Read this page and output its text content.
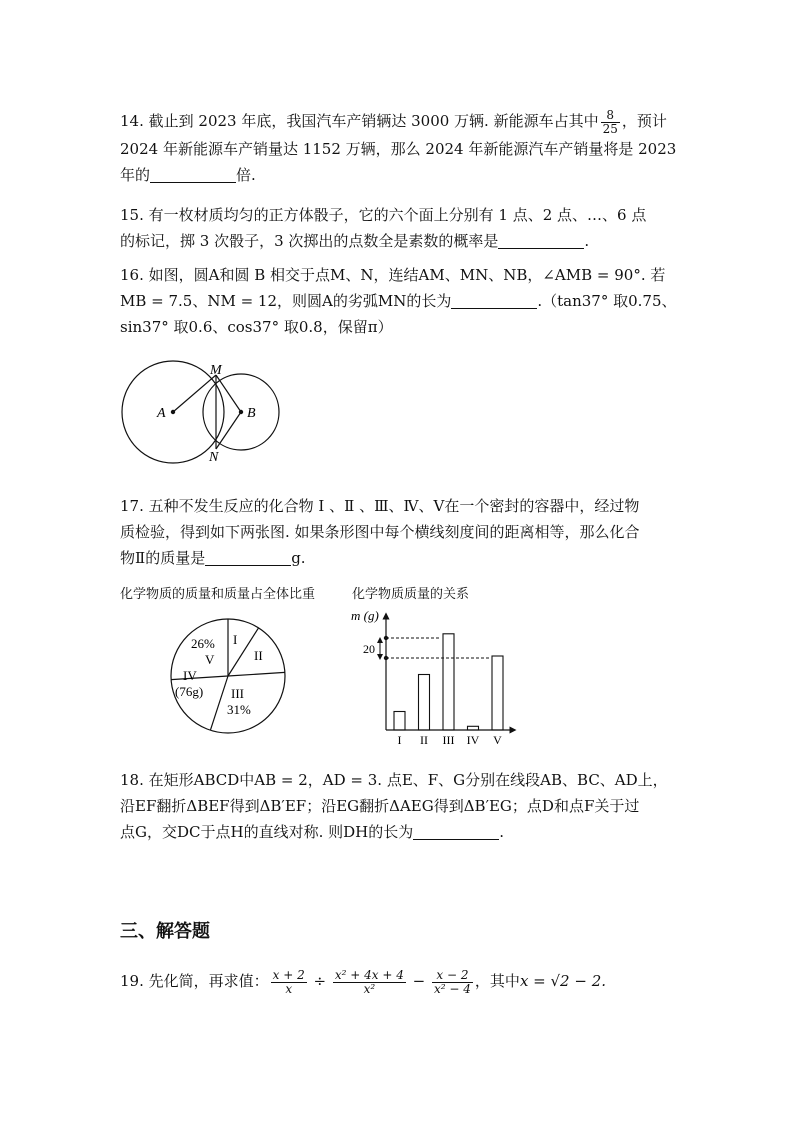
14. 截止到 2023 年底，我国汽车产销辆达 3000 万辆. 新能源车占其中 $\frac{8}{25}$ ，预计

2024 年新能源车产销量达 1152 万辆，那么 2024 年新能源汽车产销量将是 2023

年的	倍.

15. 有一枚材质均匀的正方体骰子，它的六个面上分别有 1 点、2 点、…、6 点

的标记，掷 3 次骰子，3 次掷出的点数全是素数的概率是	.

16. 如图，圆A和圆 B 相交于点M、N，连结AM、MN、NB，∠AMB = 90°. 若

MB = 7.5、NM = 12，则圆A的劣弧MN的长为	.（tan37° 取0.75、

sin37° 取0.6、cos37° 取0.8，保留π）

M
N
A	B

17. 五种不发生反应的化合物 Ⅰ 、Ⅱ 、Ⅲ、Ⅳ、Ⅴ在一个密封的容器中，经过物

质检验，得到如下两张图. 如果条形图中每个横线刻度间的距离相等，那么化合

物Ⅱ的质量是	g.

化学物质的质量和质量占全体比重	化学物质质量的关系
I
II
26%
V
IV
(76g) III
31%
m (g)
20
I II III IV V

18. 在矩形ABCD中AB = 2，AD = 3. 点E、F、G分别在线段AB、BC、AD上，

沿EF翻折ΔBEF得到ΔB′EF；沿EG翻折ΔAEG得到ΔB′EG；点D和点F关于过

点G，交DC于点H的直线对称. 则DH的长为	.

三、解答题

19. 先化简，再求值： $\frac{x + 2}{x} \div \frac{\text{x² + 4x + 4}}{\text{x²}} - \frac{x - 2}{\text{x² − 4}}$ ，其中x = √2 − 2.
